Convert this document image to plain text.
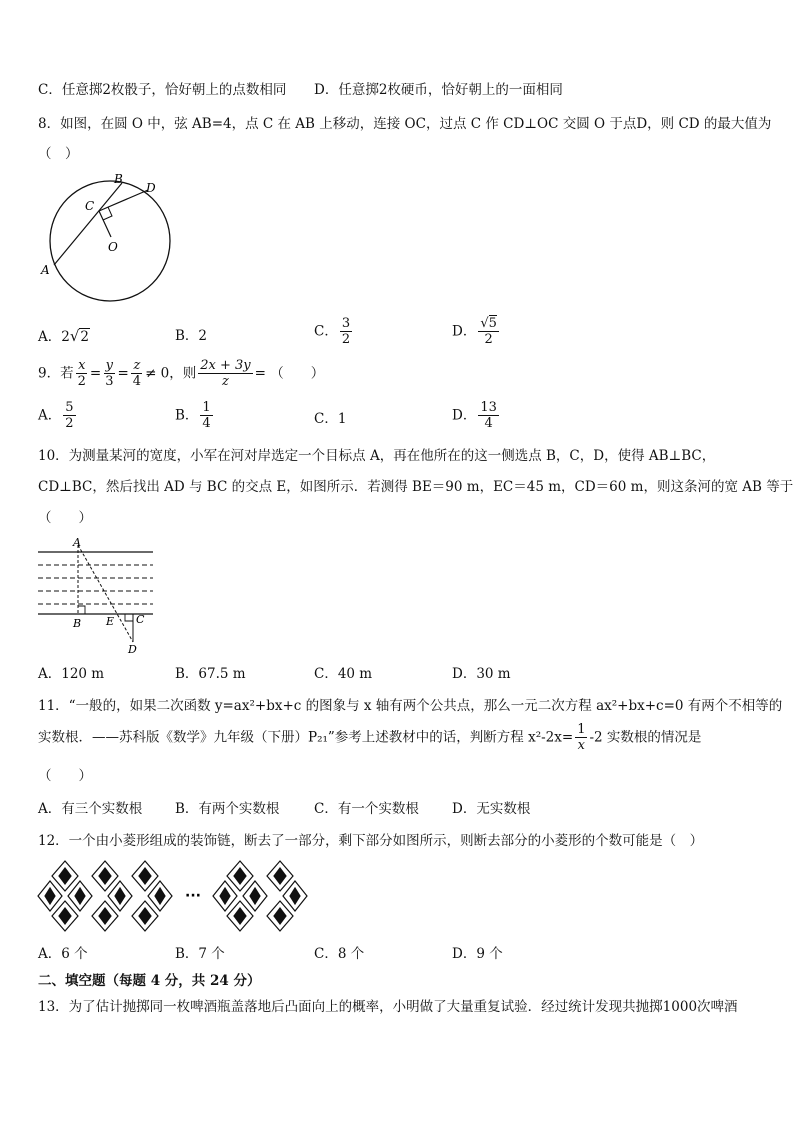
C．任意掷2枚骰子，恰好朝上的点数相同 D．任意掷2枚硬币，恰好朝上的一面相同
8．如图，在圆 O 中，弦 AB=4，点 C 在 AB 上移动，连接 OC，过点 C 作 CD⊥OC 交圆 O 于点D，则 CD 的最大值为
（　）
B
D
C
O
A
A．2√2	B．2	C． $\frac{3}{2}$	D． $\frac{√5}{2}$
9．若 $\frac{x}{2} = \frac{y}{3} = \frac{z}{4} \ne 0$，则 $\frac{2x + 3y}{z}$ = （　　）
A． $\frac{5}{2}$	B． $\frac{1}{4}$	C．1	D． $\frac{13}{4}$
10．为测量某河的宽度，小军在河对岸选定一个目标点 A，再在他所在的这一侧选点 B，C，D，使得 AB⊥BC，
CD⊥BC，然后找出 AD 与 BC 的交点 E，如图所示．若测得 BE＝90 m，EC＝45 m，CD＝60 m，则这条河的宽 AB 等于
（　　）
A
B E C
D
A．120 m	B．67.5 m	C．40 m	D．30 m
11．“一般的，如果二次函数 y=ax²+bx+c 的图象与 x 轴有两个公共点，那么一元二次方程 ax²+bx+c=0 有两个不相等的
实数根．——苏科版《数学》九年级（下册）P₂₁”参考上述教材中的话，判断方程 $x^2-2x= \frac{1}{x} -2$ 实数根的情况是
（　　）
A．有三个实数根 B．有两个实数根	C．有一个实数根 D．无实数根
12．一个由小菱形组成的装饰链，断去了一部分，剩下部分如图所示，则断去部分的小菱形的个数可能是（　）
···
A．6 个	B．7 个	C．8 个	D．9 个
二、填空题（每题 4 分，共 24 分）
13．为了估计抛掷同一枚啤酒瓶盖落地后凸面向上的概率，小明做了大量重复试验．经过统计发现共抛掷1000次啤酒
